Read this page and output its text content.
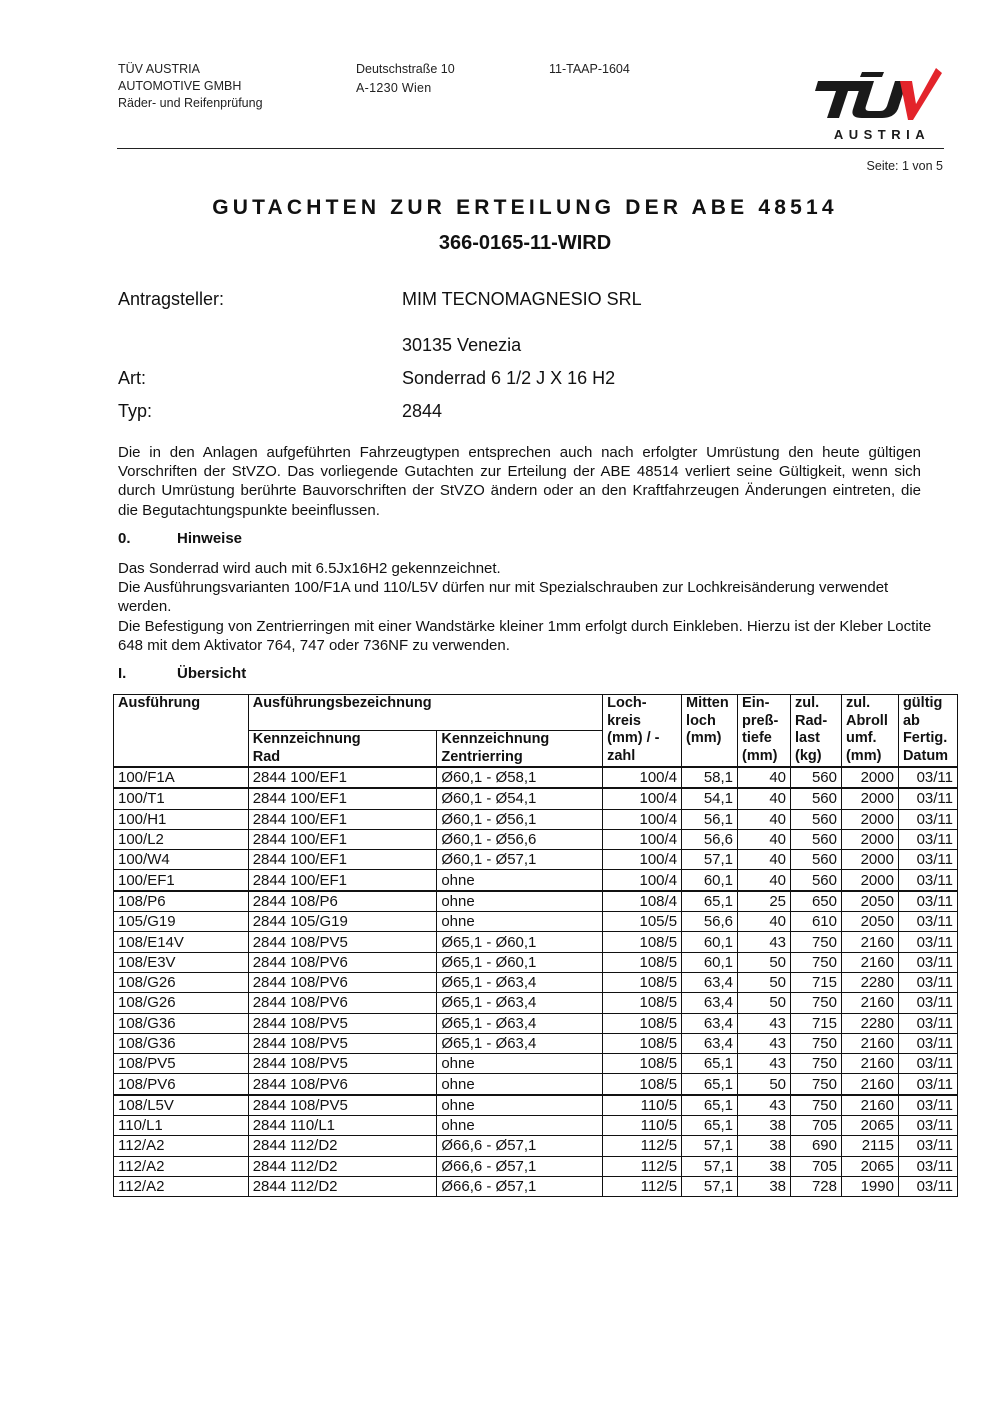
TÜV AUSTRIA
AUTOMOTIVE GMBH
Räder- und Reifenprüfung
Deutschstraße 10
A-1230 Wien
11-TAAP-1604
AUSTRIA
Seite: 1 von 5
GUTACHTEN ZUR ERTEILUNG DER ABE 48514
366-0165-11-WIRD
Antragsteller:	MIM TECNOMAGNESIO SRL
30135 Venezia
Art:	Sonderrad 6 1/2 J X 16 H2
Typ:	2844
Die in den Anlagen aufgeführten Fahrzeugtypen entsprechen auch nach erfolgter Umrüstung den heute gültigen Vorschriften der StVZO. Das vorliegende Gutachten zur Erteilung der ABE 48514 verliert seine Gültigkeit, wenn sich durch Umrüstung berührte Bauvorschriften der StVZO ändern oder an den Kraftfahrzeugen Änderungen eintreten, die die Begutachtungspunkte beeinflussen.
0.	Hinweise
Das Sonderrad wird auch mit 6.5Jx16H2 gekennzeichnet.
Die Ausführungsvarianten 100/F1A und 110/L5V dürfen nur mit Spezialschrauben zur Lochkreisänderung verwendet werden.
Die Befestigung von Zentrierringen mit einer Wandstärke kleiner 1mm erfolgt durch Einkleben. Hierzu ist der Kleber Loctite 648 mit dem Aktivator 764, 747 oder 736NF zu verwenden.
I.	Übersicht
Ausführung	Ausführungsbezeichnung		Loch- kreis (mm) / -zahl	Mitten loch (mm)	Ein- preß- tiefe (mm)	zul. Rad- last (kg)	zul. Abroll umf. (mm)	gültig ab Fertig. Datum

	Kennzeichnung Rad	Kennzeichnung Zentrierring						

100/F1A	2844 100/EF1	Ø60,1 - Ø58,1	100/4	58,1	40	560	2000	03/11
100/T1	2844 100/EF1	Ø60,1 - Ø54,1	100/4	54,1	40	560	2000	03/11
100/H1	2844 100/EF1	Ø60,1 - Ø56,1	100/4	56,1	40	560	2000	03/11
100/L2	2844 100/EF1	Ø60,1 - Ø56,6	100/4	56,6	40	560	2000	03/11
100/W4	2844 100/EF1	Ø60,1 - Ø57,1	100/4	57,1	40	560	2000	03/11
100/EF1	2844 100/EF1	ohne	100/4	60,1	40	560	2000	03/11
108/P6	2844 108/P6	ohne	108/4	65,1	25	650	2050	03/11
105/G19	2844 105/G19	ohne	105/5	56,6	40	610	2050	03/11
108/E14V	2844 108/PV5	Ø65,1 - Ø60,1	108/5	60,1	43	750	2160	03/11
108/E3V	2844 108/PV6	Ø65,1 - Ø60,1	108/5	60,1	50	750	2160	03/11
108/G26	2844 108/PV6	Ø65,1 - Ø63,4	108/5	63,4	50	715	2280	03/11
108/G26	2844 108/PV6	Ø65,1 - Ø63,4	108/5	63,4	50	750	2160	03/11
108/G36	2844 108/PV5	Ø65,1 - Ø63,4	108/5	63,4	43	715	2280	03/11
108/G36	2844 108/PV5	Ø65,1 - Ø63,4	108/5	63,4	43	750	2160	03/11
108/PV5	2844 108/PV5	ohne	108/5	65,1	43	750	2160	03/11
108/PV6	2844 108/PV6	ohne	108/5	65,1	50	750	2160	03/11
108/L5V	2844 108/PV5	ohne	110/5	65,1	43	750	2160	03/11
110/L1	2844 110/L1	ohne	110/5	65,1	38	705	2065	03/11
112/A2	2844 112/D2	Ø66,6 - Ø57,1	112/5	57,1	38	690	2115	03/11
112/A2	2844 112/D2	Ø66,6 - Ø57,1	112/5	57,1	38	705	2065	03/11
112/A2	2844 112/D2	Ø66,6 - Ø57,1	112/5	57,1	38	728	1990	03/11
